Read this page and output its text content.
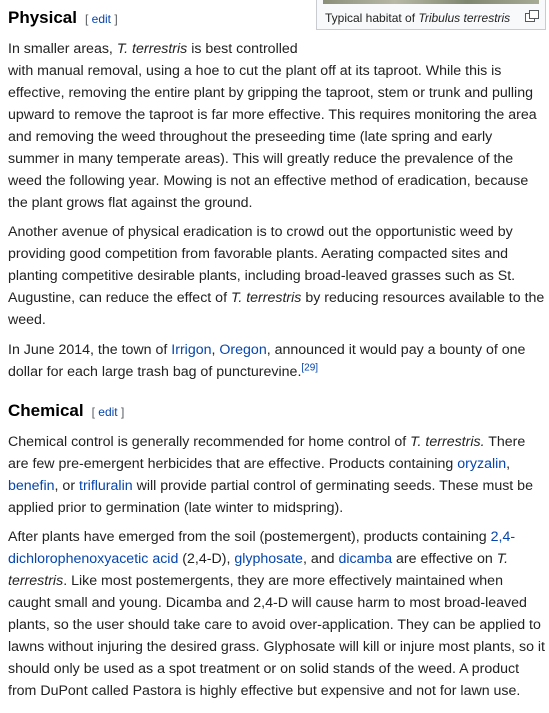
Typical habitat of Tribulus terrestris
Physical [ edit ]

In smaller areas, T. terrestris is best controlled
with manual removal, using a hoe to cut the plant off at its taproot. While this is effective, removing the entire plant by gripping the taproot, stem or trunk and pulling upward to remove the taproot is far more effective. This requires monitoring the area and removing the weed throughout the preseeding time (late spring and early summer in many temperate areas). This will greatly reduce the prevalence of the weed the following year. Mowing is not an effective method of eradication, because the plant grows flat against the ground.

Another avenue of physical eradication is to crowd out the opportunistic weed by providing good competition from favorable plants. Aerating compacted sites and planting competitive desirable plants, including broad-leaved grasses such as St. Augustine, can reduce the effect of T. terrestris by reducing resources available to the weed.

In June 2014, the town of Irrigon, Oregon, announced it would pay a bounty of one dollar for each large trash bag of puncturevine.[29]

Chemical [ edit ]

Chemical control is generally recommended for home control of T. terrestris. There are few pre-emergent herbicides that are effective. Products containing oryzalin, benefin, or trifluralin will provide partial control of germinating seeds. These must be applied prior to germination (late winter to midspring).

After plants have emerged from the soil (postemergent), products containing 2,4-dichlorophenoxyacetic acid (2,4-D), glyphosate, and dicamba are effective on T. terrestris. Like most postemergents, they are more effectively maintained when caught small and young. Dicamba and 2,4-D will cause harm to most broad-leaved plants, so the user should take care to avoid over-application. They can be applied to lawns without injuring the desired grass. Glyphosate will kill or injure most plants, so it should only be used as a spot treatment or on solid stands of the weed. A product from DuPont called Pastora is highly effective but expensive and not for lawn use.
